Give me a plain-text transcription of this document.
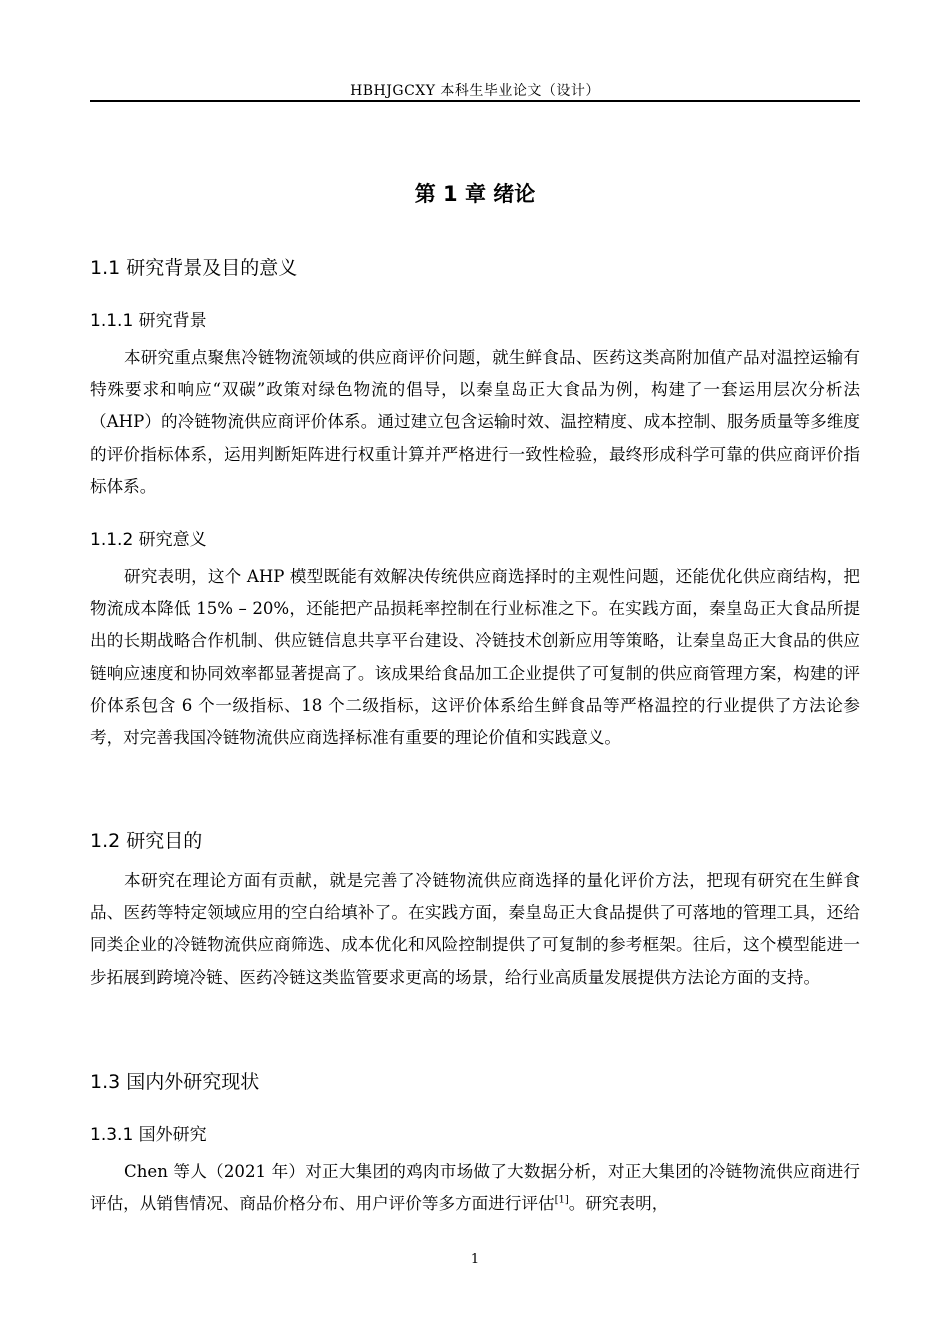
HBHJGCXY 本科生毕业论文（设计）
第 1 章 绪论
1.1 研究背景及目的意义
1.1.1 研究背景
本研究重点聚焦冷链物流领域的供应商评价问题，就生鲜食品、医药这类高附加值产品对温控运输有特殊要求和响应“双碳”政策对绿色物流的倡导，以秦皇岛正大食品为例，构建了一套运用层次分析法（AHP）的冷链物流供应商评价体系。通过建立包含运输时效、温控精度、成本控制、服务质量等多维度的评价指标体系，运用判断矩阵进行权重计算并严格进行一致性检验，最终形成科学可靠的供应商评价指标体系。
1.1.2 研究意义
研究表明，这个 AHP 模型既能有效解决传统供应商选择时的主观性问题，还能优化供应商结构，把物流成本降低 15% – 20%，还能把产品损耗率控制在行业标准之下。在实践方面，秦皇岛正大食品所提出的长期战略合作机制、供应链信息共享平台建设、冷链技术创新应用等策略，让秦皇岛正大食品的供应链响应速度和协同效率都显著提高了。该成果给食品加工企业提供了可复制的供应商管理方案，构建的评价体系包含 6 个一级指标、18 个二级指标，这评价体系给生鲜食品等严格温控的行业提供了方法论参考，对完善我国冷链物流供应商选择标准有重要的理论价值和实践意义。
1.2 研究目的
本研究在理论方面有贡献，就是完善了冷链物流供应商选择的量化评价方法，把现有研究在生鲜食品、医药等特定领域应用的空白给填补了。在实践方面，秦皇岛正大食品提供了可落地的管理工具，还给同类企业的冷链物流供应商筛选、成本优化和风险控制提供了可复制的参考框架。往后，这个模型能进一步拓展到跨境冷链、医药冷链这类监管要求更高的场景，给行业高质量发展提供方法论方面的支持。
1.3 国内外研究现状
1.3.1 国外研究
Chen 等人（2021 年）对正大集团的鸡肉市场做了大数据分析，对正大集团的冷链物流供应商进行评估，从销售情况、商品价格分布、用户评价等多方面进行评估[1]。研究表明，
1
